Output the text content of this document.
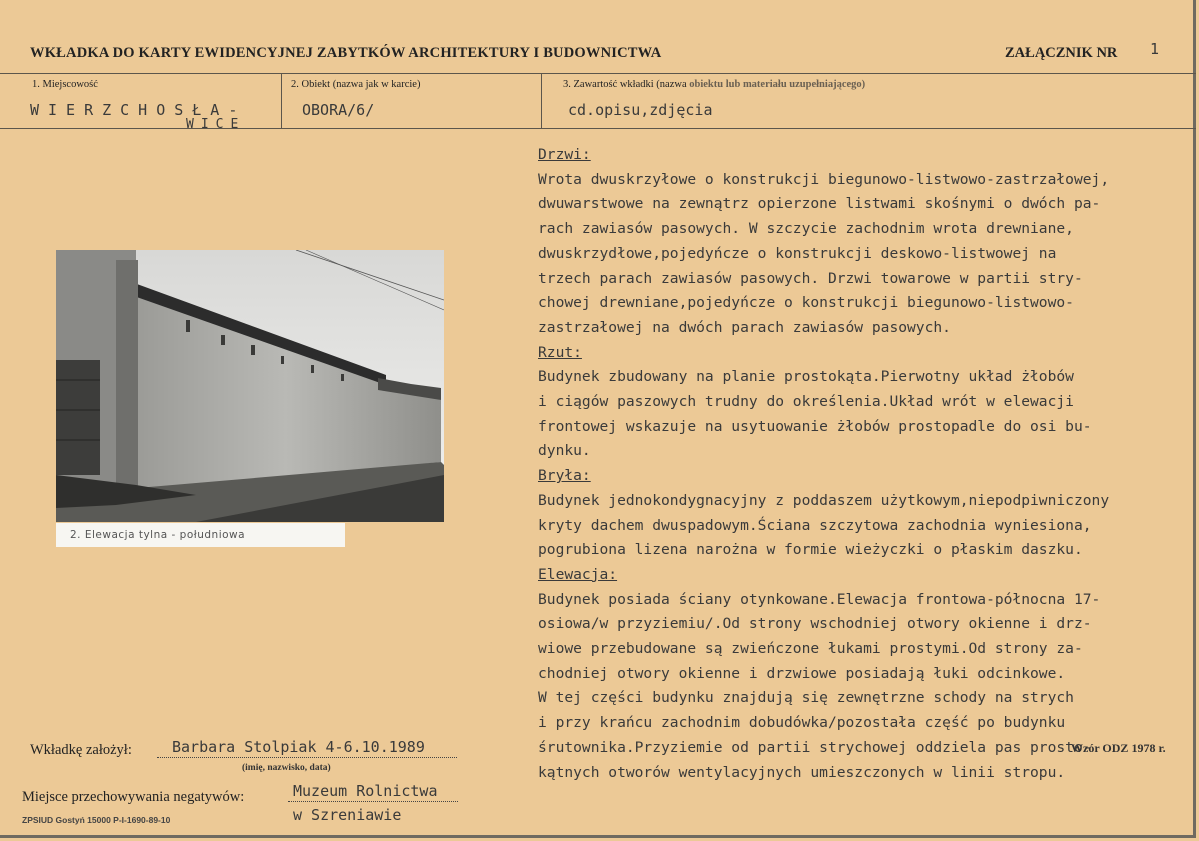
WKŁADKA DO KARTY EWIDENCYJNEJ ZABYTKÓW ARCHITEKTURY I BUDOWNICTWA	ZAŁĄCZNIK NR 1
1. Miejscowość	2. Obiekt (nazwa jak w karcie)	3. Zawartość wkładki (nazwa obiektu lub materiału uzupełniającego)
WIERZCHOSŁA-
WICE
OBORA/6/	cd.opisu,zdjęcia
Drzwi:
Wrota dwuskrzyłowe o konstrukcji biegunowo-listwowo-zastrzałowej,
dwuwarstwowe na zewnątrz opierzone listwami skośnymi o dwóch pa-
rach zawiasów pasowych. W szczycie zachodnim wrota drewniane,
dwuskrzydłowe,pojedyńcze o konstrukcji deskowo-listwowej na
trzech parach zawiasów pasowych. Drzwi towarowe w partii stry-
chowej drewniane,pojedyńcze o konstrukcji biegunowo-listwowo-
zastrzałowej na dwóch parach zawiasów pasowych.
Rzut:
Budynek zbudowany na planie prostokąta.Pierwotny układ żłobów
i ciągów paszowych trudny do określenia.Układ wrót w elewacji
frontowej wskazuje na usytuowanie żłobów prostopadle do osi bu-
dynku.
Bryła:
Budynek jednokondygnacyjny z poddaszem użytkowym,niepodpiwniczony
kryty dachem dwuspadowym.Ściana szczytowa zachodnia wyniesiona,
pogrubiona lizena narożna w formie wieżyczki o płaskim daszku.
Elewacja:
Budynek posiada ściany otynkowane.Elewacja frontowa-północna 17-
osiowa/w przyziemiu/.Od strony wschodniej otwory okienne i drz-
wiowe przebudowane są zwieńczone łukami prostymi.Od strony za-
chodniej otwory okienne i drzwiowe posiadają łuki odcinkowe.
W tej części budynku znajdują się zewnętrzne schody na strych
i przy krańcu zachodnim dobudówka/pozostała część po budynku
śrutownika.Przyziemie od partii strychowej oddziela pas prosto-
kątnych otworów wentylacyjnych umieszczonych w linii stropu.
2. Elewacja tylna - południowa
Wkładkę założył:	Barbara Stolpiak 4-6.10.1989
(imię, nazwisko, data)
Miejsce przechowywania negatywów:	Muzeum Rolnictwa
w Szreniawie
Wzór ODZ 1978 r.
ZPSIUD Gostyń 15000 P-I-1690-89-10
